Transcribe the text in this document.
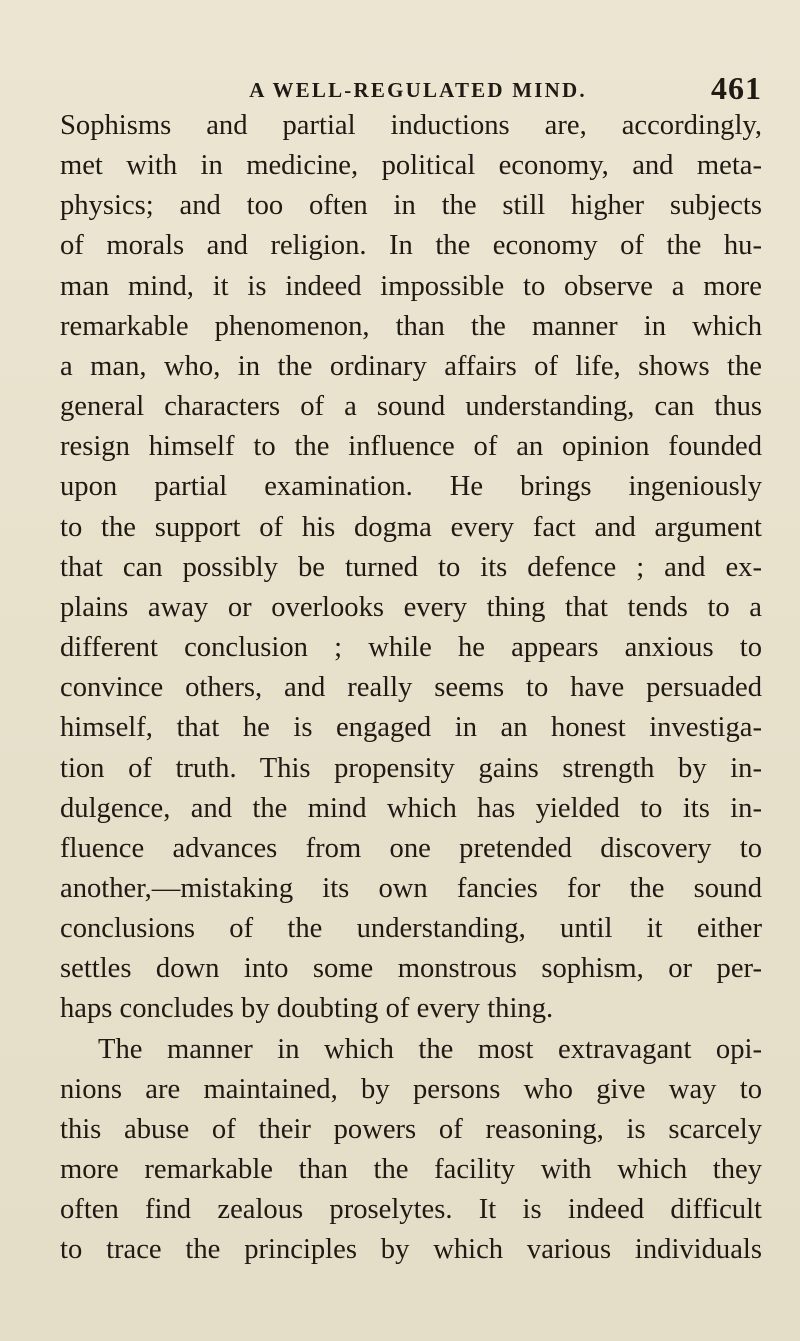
A WELL-REGULATED MIND.	461
Sophisms and partial inductions are, accordingly,
met with in medicine, political economy, and meta-
physics; and too often in the still higher subjects
of morals and religion. In the economy of the hu-
man mind, it is indeed impossible to observe a more
remarkable phenomenon, than the manner in which
a man, who, in the ordinary affairs of life, shows the
general characters of a sound understanding, can thus
resign himself to the influence of an opinion founded
upon partial examination. He brings ingeniously
to the support of his dogma every fact and argument
that can possibly be turned to its defence ; and ex-
plains away or overlooks every thing that tends to a
different conclusion ; while he appears anxious to
convince others, and really seems to have persuaded
himself, that he is engaged in an honest investiga-
tion of truth. This propensity gains strength by in-
dulgence, and the mind which has yielded to its in-
fluence advances from one pretended discovery to
another,—mistaking its own fancies for the sound
conclusions of the understanding, until it either
settles down into some monstrous sophism, or per-
haps concludes by doubting of every thing.
The manner in which the most extravagant opi-
nions are maintained, by persons who give way to
this abuse of their powers of reasoning, is scarcely
more remarkable than the facility with which they
often find zealous proselytes. It is indeed difficult
to trace the principles by which various individuals
